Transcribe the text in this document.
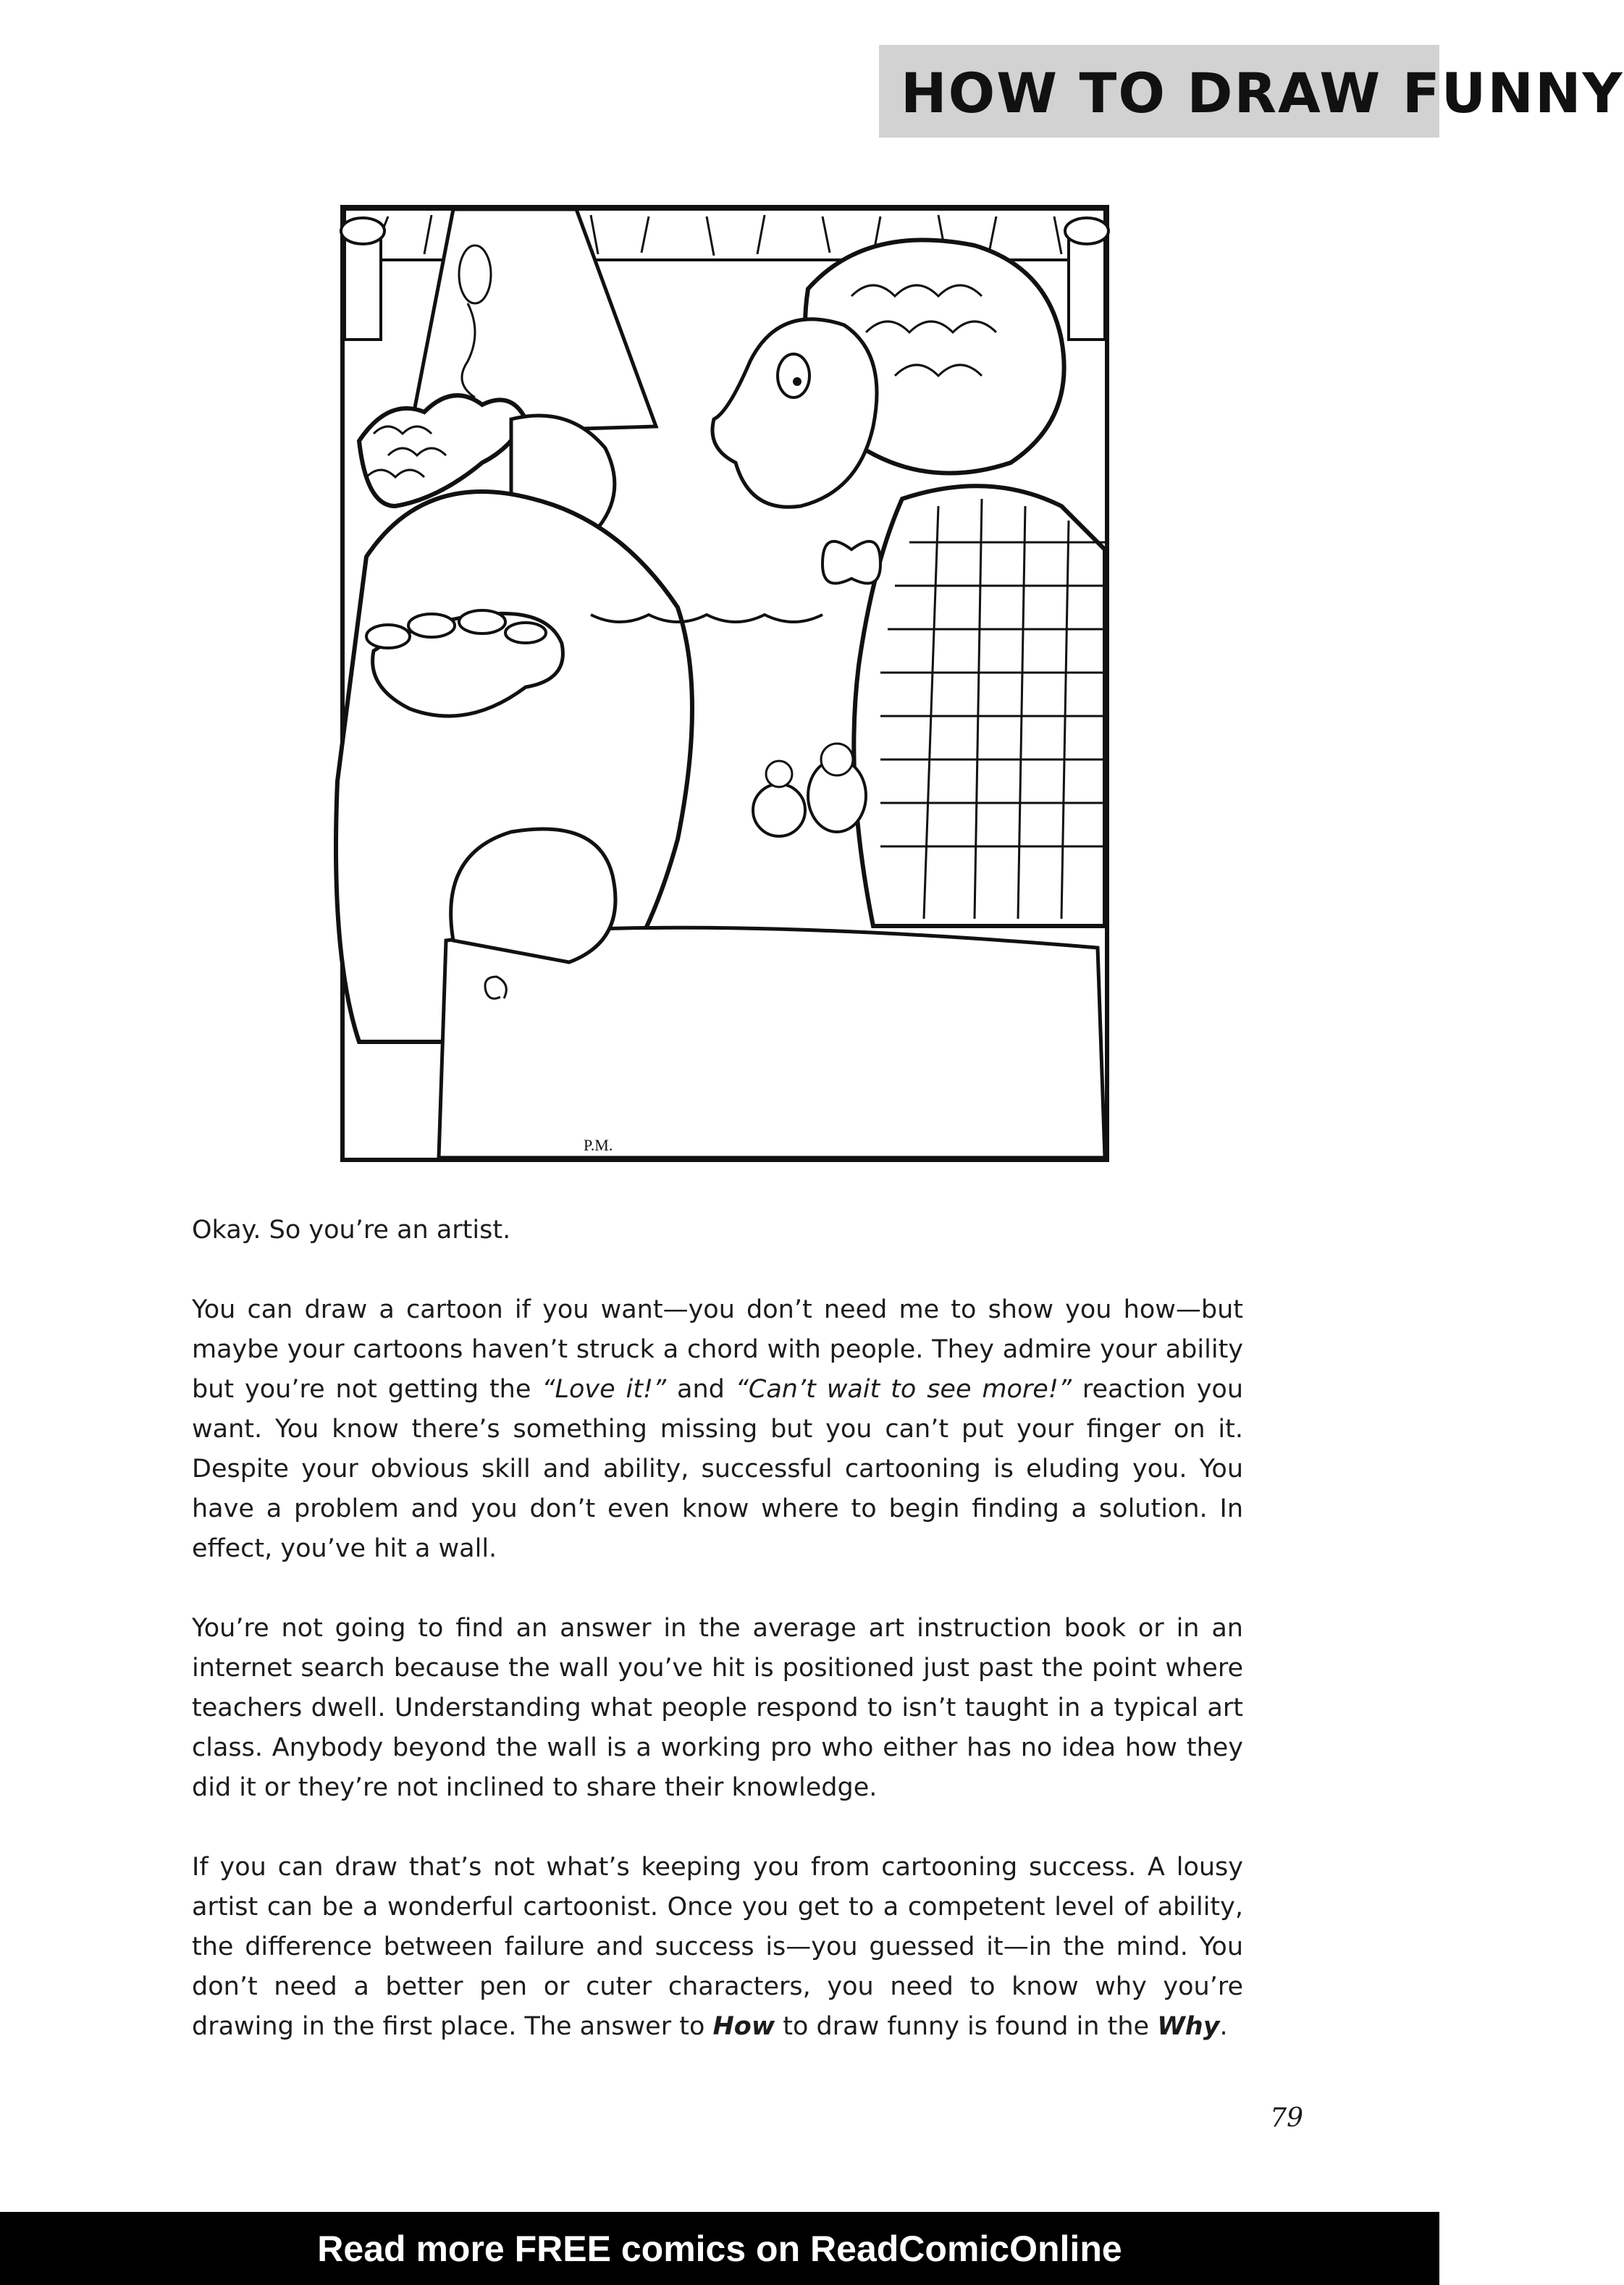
HOW TO DRAW FUNNY
P.M.

Okay. So you’re an artist.

You can draw a cartoon if you want—you don’t need me to show you how—but maybe your cartoons haven’t struck a chord with people. They admire your ability but you’re not getting the “Love it!” and “Can’t wait to see more!” reaction you want. You know there’s something missing but you can’t put your finger on it. Despite your obvious skill and ability, successful cartooning is eluding you. You have a problem and you don’t even know where to begin finding a solution. In effect, you’ve hit a wall.

You’re not going to find an answer in the average art instruction book or in an internet search because the wall you’ve hit is positioned just past the point where teachers dwell. Understanding what people respond to isn’t taught in a typical art class. Anybody beyond the wall is a working pro who either has no idea how they did it or they’re not inclined to share their knowledge.

If you can draw that’s not what’s keeping you from cartooning success. A lousy artist can be a wonderful cartoonist. Once you get to a competent level of ability, the difference between failure and success is—you guessed it—in the mind. You don’t need a better pen or cuter characters, you need to know why you’re drawing in the first place. The answer to How to draw funny is found in the Why.

79
Read more FREE comics on ReadComicOnline
